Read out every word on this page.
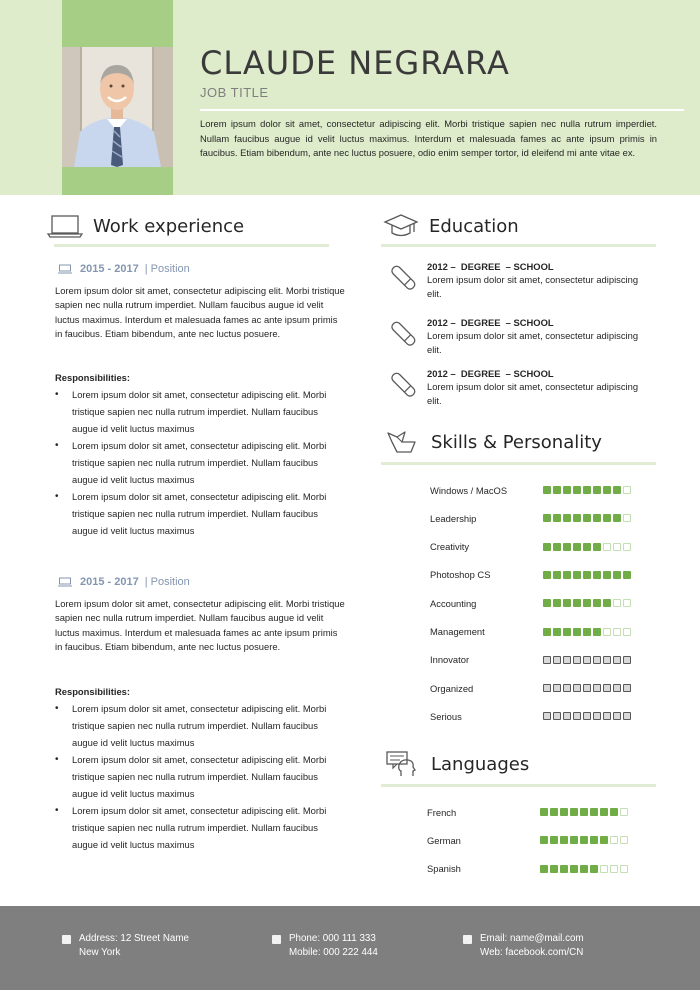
CLAUDE NEGRARA
JOB TITLE
Lorem ipsum dolor sit amet, consectetur adipiscing elit. Morbi tristique sapien nec nulla rutrum imperdiet. Nullam faucibus augue id velit luctus maximus. Interdum et malesuada fames ac ante ipsum primis in faucibus. Etiam bibendum, ante nec luctus posuere, odio enim semper tortor, id eleifend mi ante vitae ex.
Work experience
2015 - 2017 | Position
Lorem ipsum dolor sit amet, consectetur adipiscing elit. Morbi tristique sapien nec nulla rutrum imperdiet. Nullam faucibus augue id velit luctus maximus. Interdum et malesuada fames ac ante ipsum primis in faucibus. Etiam bibendum, ante nec luctus posuere.
Responsibilities:
• Lorem ipsum dolor sit amet, consectetur adipiscing elit. Morbi tristique sapien nec nulla rutrum imperdiet. Nullam faucibus augue id velit luctus maximus
• Lorem ipsum dolor sit amet, consectetur adipiscing elit. Morbi tristique sapien nec nulla rutrum imperdiet. Nullam faucibus augue id velit luctus maximus
• Lorem ipsum dolor sit amet, consectetur adipiscing elit. Morbi tristique sapien nec nulla rutrum imperdiet. Nullam faucibus augue id velit luctus maximus
2015 - 2017 | Position
Lorem ipsum dolor sit amet, consectetur adipiscing elit. Morbi tristique sapien nec nulla rutrum imperdiet. Nullam faucibus augue id velit luctus maximus. Interdum et malesuada fames ac ante ipsum primis in faucibus. Etiam bibendum, ante nec luctus posuere.
Responsibilities:
• Lorem ipsum dolor sit amet, consectetur adipiscing elit. Morbi tristique sapien nec nulla rutrum imperdiet. Nullam faucibus augue id velit luctus maximus
• Lorem ipsum dolor sit amet, consectetur adipiscing elit. Morbi tristique sapien nec nulla rutrum imperdiet. Nullam faucibus augue id velit luctus maximus
• Lorem ipsum dolor sit amet, consectetur adipiscing elit. Morbi tristique sapien nec nulla rutrum imperdiet. Nullam faucibus augue id velit luctus maximus
Education
2012 –  DEGREE  – SCHOOL
Lorem ipsum dolor sit amet, consectetur adipiscing elit.
2012 –  DEGREE  – SCHOOL
Lorem ipsum dolor sit amet, consectetur adipiscing elit.
2012 –  DEGREE  – SCHOOL
Lorem ipsum dolor sit amet, consectetur adipiscing elit.
Skills & Personality
Windows / MacOS
Leadership
Creativity
Photoshop CS
Accounting
Management
Innovator
Organized
Serious
Languages
French
German
Spanish
Address: 12 Street Name
New York
Phone: 000 111 333
Mobile: 000 222 444
Email: name@mail.com
Web: facebook.com/CN
